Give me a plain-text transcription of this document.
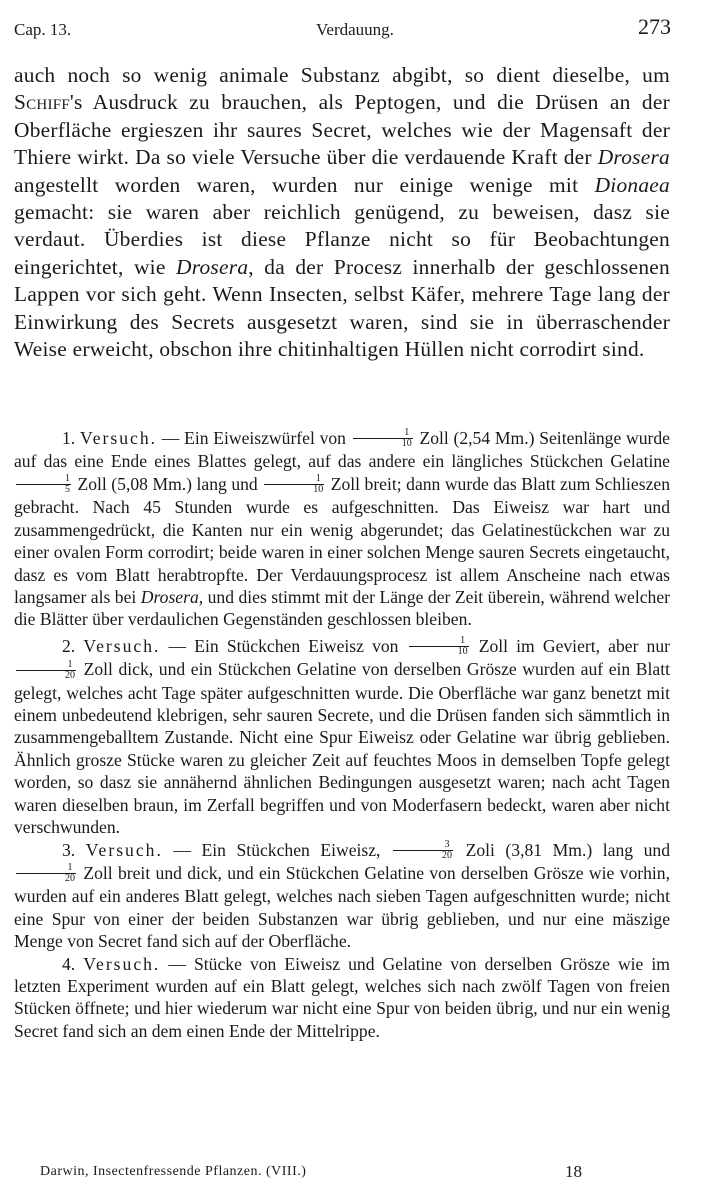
Cap. 13.	Verdauung.	273

auch noch so wenig animale Substanz abgibt, so dient dieselbe, um Schiff's Ausdruck zu brauchen, als Peptogen, und die Drüsen an der Oberfläche ergieszen ihr saures Secret, welches wie der Magensaft der Thiere wirkt. Da so viele Versuche über die verdauende Kraft der Drosera angestellt worden waren, wurden nur einige wenige mit Dionaea gemacht: sie waren aber reichlich genügend, zu beweisen, dasz sie verdaut. Überdies ist diese Pflanze nicht so für Beobachtungen eingerichtet, wie Drosera, da der Procesz innerhalb der geschlossenen Lappen vor sich geht. Wenn Insecten, selbst Käfer, mehrere Tage lang der Einwirkung des Secrets ausgesetzt waren, sind sie in überraschender Weise erweicht, obschon ihre chitinhaltigen Hüllen nicht corrodirt sind.

1. Versuch. — Ein Eiweiszwürfel von $\frac{1}{10}$ Zoll (2,54 Mm.) Seitenlänge wurde auf das eine Ende eines Blattes gelegt, auf das andere ein längliches Stückchen Gelatine
$\frac{1}{5}$ Zoll (5,08 Mm.) lang und $\frac{1}{10}$ Zoll breit; dann wurde das Blatt zum Schlieszen gebracht. Nach 45 Stunden wurde es aufgeschnitten. Das Eiweisz war hart und zusammengedrückt, die Kanten nur ein wenig abgerundet; das Gelatinestückchen war zu einer ovalen Form corrodirt; beide waren in einer solchen Menge sauren Secrets eingetaucht, dasz es vom Blatt herabtropfte. Der Verdauungsprocesz ist allem Anscheine nach etwas langsamer als bei Drosera, und dies stimmt mit der Länge der Zeit überein, während welcher die Blätter über verdaulichen Gegenständen geschlossen bleiben.

2. Versuch. — Ein Stückchen Eiweisz von $\frac{1}{10}$ Zoll im Geviert, aber nur
$\frac{1}{20}$ Zoll dick, und ein Stückchen Gelatine von derselben Grösze wurden auf ein Blatt gelegt, welches acht Tage später aufgeschnitten wurde. Die Oberfläche war ganz benetzt mit einem unbedeutend klebrigen, sehr sauren Secrete, und die Drüsen fanden sich sämmtlich in zusammengeballtem Zustande. Nicht eine Spur Eiweisz oder Gelatine war übrig geblieben. Ähnlich grosze Stücke waren zu gleicher Zeit auf feuchtes Moos in demselben Topfe gelegt worden, so dasz sie annähernd ähnlichen Bedingungen ausgesetzt waren; nach acht Tagen waren dieselben braun, im Zerfall begriffen und von Moderfasern bedeckt, waren aber nicht verschwunden.

3. Versuch. — Ein Stückchen Eiweisz, $\frac{3}{20}$ Zoli (3,81 Mm.) lang und
$\frac{1}{20}$ Zoll breit und dick, und ein Stückchen Gelatine von derselben Grösze wie vorhin, wurden auf ein anderes Blatt gelegt, welches nach sieben Tagen aufgeschnitten wurde; nicht eine Spur von einer der beiden Substanzen war übrig geblieben, und nur eine mäszige Menge von Secret fand sich auf der Oberfläche.

4. Versuch. — Stücke von Eiweisz und Gelatine von derselben Grösze wie im letzten Experiment wurden auf ein Blatt gelegt, welches sich nach zwölf Tagen von freien Stücken öffnete; und hier wiederum war nicht eine Spur von beiden übrig, und nur ein wenig Secret fand sich an dem einen Ende der Mittelrippe.

Darwin, Insectenfressende Pflanzen. (VIII.)	18
